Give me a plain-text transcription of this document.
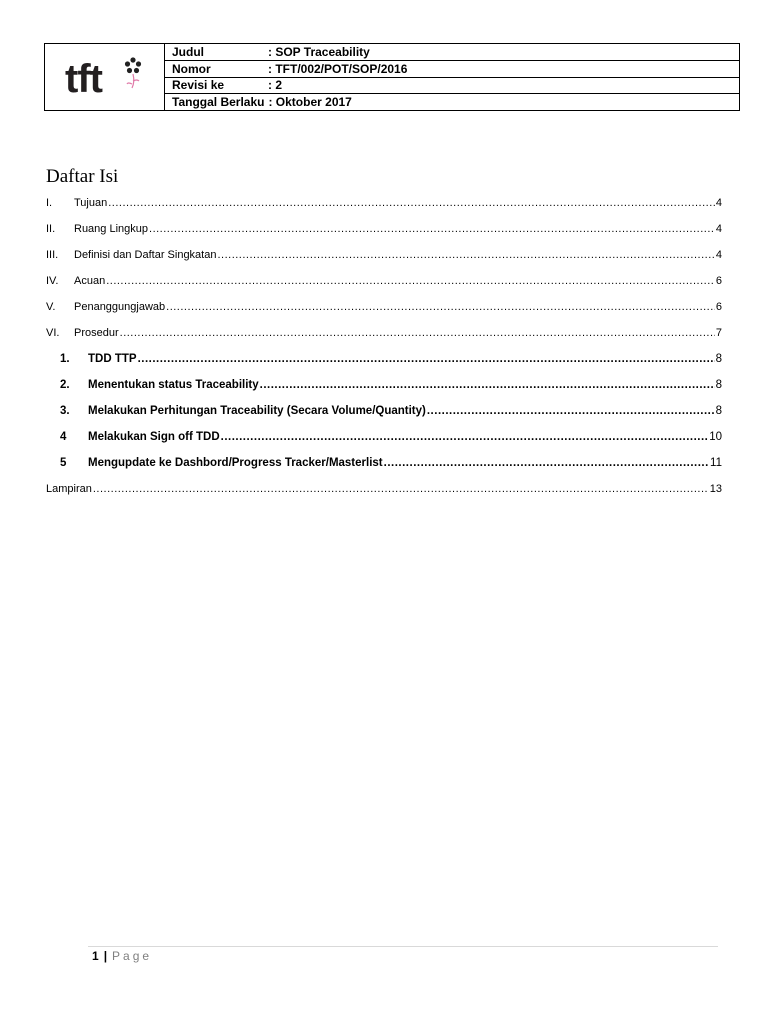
tft
Judul	: SOP Traceability
Nomor	: TFT/002/POT/SOP/2016
Revisi ke	: 2
Tanggal Berlaku : Oktober 2017
Daftar Isi
I.	Tujuan .....	4
II.	Ruang Lingkup .....	4
III.	Definisi dan Daftar Singkatan .....	4
IV.	Acuan .....	6
V.	Penanggungjawab .....	6
VI.	Prosedur .....	7
1.	TDD TTP .....	8
2.	Menentukan status Traceability .....	8
3.	Melakukan Perhitungan Traceability (Secara Volume/Quantity) .....	8
4	Melakukan Sign off TDD .....	10
5	Mengupdate ke Dashbord/Progress Tracker/Masterlist .....	11
Lampiran .....	13
1 | Page
